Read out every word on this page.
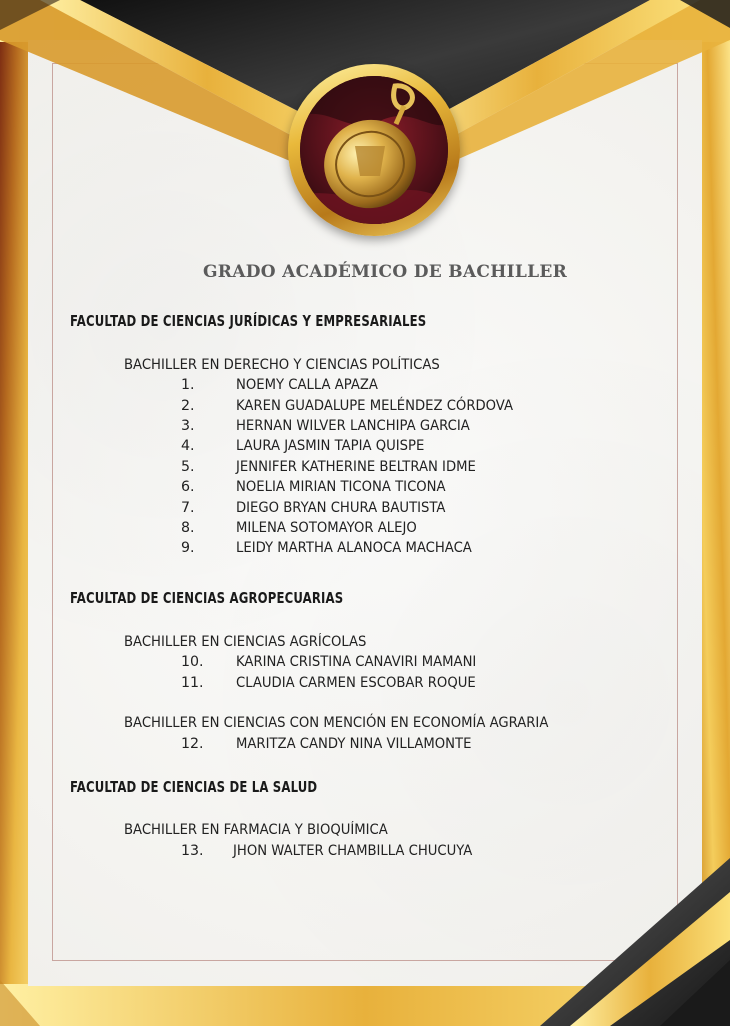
GRADO ACADÉMICO DE BACHILLER
FACULTAD DE CIENCIAS JURÍDICAS Y EMPRESARIALES
BACHILLER EN DERECHO Y CIENCIAS POLÍTICAS
1.	NOEMY CALLA APAZA
2.	KAREN GUADALUPE MELÉNDEZ CÓRDOVA
3.	HERNAN WILVER LANCHIPA GARCIA
4.	LAURA JASMIN TAPIA QUISPE
5.	JENNIFER KATHERINE BELTRAN IDME
6.	NOELIA MIRIAN TICONA TICONA
7.	DIEGO BRYAN CHURA BAUTISTA
8.	MILENA SOTOMAYOR ALEJO
9.	LEIDY MARTHA ALANOCA MACHACA
FACULTAD DE CIENCIAS AGROPECUARIAS
BACHILLER EN CIENCIAS AGRÍCOLAS
10. KARINA CRISTINA CANAVIRI MAMANI
11. CLAUDIA CARMEN ESCOBAR ROQUE
BACHILLER EN CIENCIAS CON MENCIÓN EN ECONOMÍA AGRARIA
12. MARITZA CANDY NINA VILLAMONTE
FACULTAD DE CIENCIAS DE LA SALUD
BACHILLER EN FARMACIA Y BIOQUÍMICA
13. JHON WALTER CHAMBILLA CHUCUYA
